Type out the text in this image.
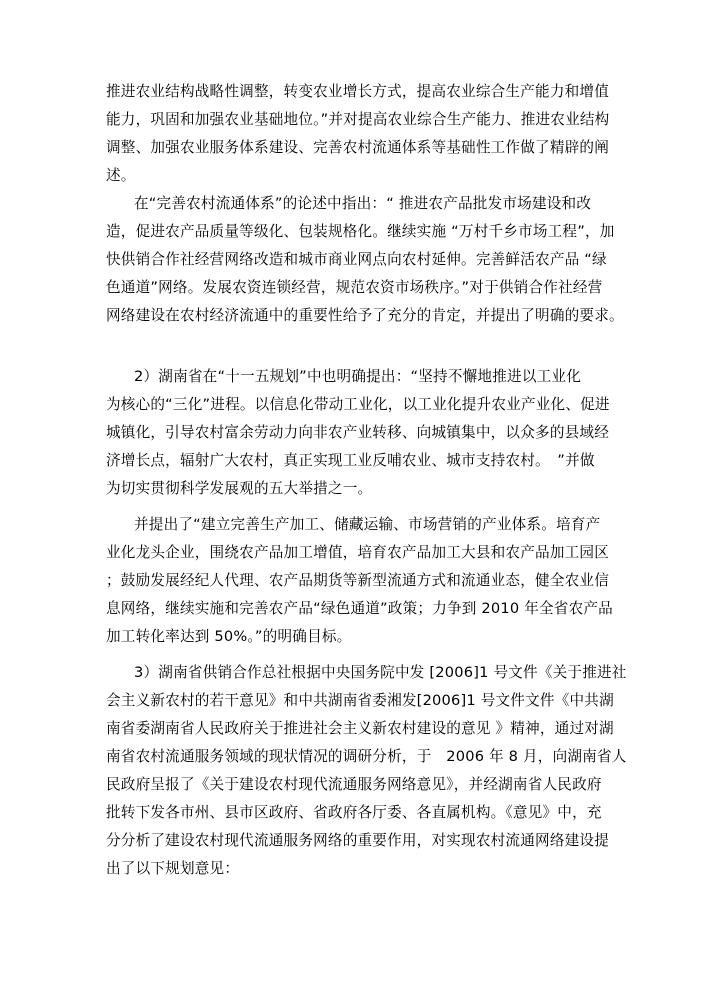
推进农业结构战略性调整，转变农业增长方式，提高农业综合生产能力和增值
能力，巩固和加强农业基础地位。”并对提高农业综合生产能力、推进农业结构
调整、加强农业服务体系建设、完善农村流通体系等基础性工作做了精辟的阐
述。
在“完善农村流通体系”的论述中指出：“ 推进农产品批发市场建设和改
造，促进农产品质量等级化、包装规格化。继续实施 “万村千乡市场工程”，加
快供销合作社经营网络改造和城市商业网点向农村延伸。完善鲜活农产品 “绿
色通道”网络。发展农资连锁经营，规范农资市场秩序。”对于供销合作社经营
网络建设在农村经济流通中的重要性给予了充分的肯定，并提出了明确的要求。
2）湖南省在“十一五规划”中也明确提出：“坚持不懈地推进以工业化
为核心的“三化”进程。以信息化带动工业化，以工业化提升农业产业化、促进
城镇化，引导农村富余劳动力向非农产业转移、向城镇集中，以众多的县域经
济增长点，辐射广大农村，真正实现工业反哺农业、城市支持农村。　”并做
为切实贯彻科学发展观的五大举措之一。
并提出了“建立完善生产加工、储藏运输、市场营销的产业体系。培育产
业化龙头企业，围绕农产品加工增值，培育农产品加工大县和农产品加工园区
；鼓励发展经纪人代理、农产品期货等新型流通方式和流通业态，健全农业信
息网络，继续实施和完善农产品“绿色通道”政策；力争到 2010 年全省农产品
加工转化率达到 50%。”的明确目标。
3）湖南省供销合作总社根据中央国务院中发 [2006]1 号文件《关于推进社
会主义新农村的若干意见》和中共湖南省委湘发[2006]1 号文件文件《中共湖
南省委湖南省人民政府关于推进社会主义新农村建设的意见 》精神，通过对湖
南省农村流通服务领域的现状情况的调研分析，于　2006 年 8 月，向湖南省人
民政府呈报了《关于建设农村现代流通服务网络意见》，并经湖南省人民政府
批转下发各市州、县市区政府、省政府各厅委、各直属机构。《意见》中，充
分分析了建设农村现代流通服务网络的重要作用，对实现农村流通网络建设提
出了以下规划意见：
